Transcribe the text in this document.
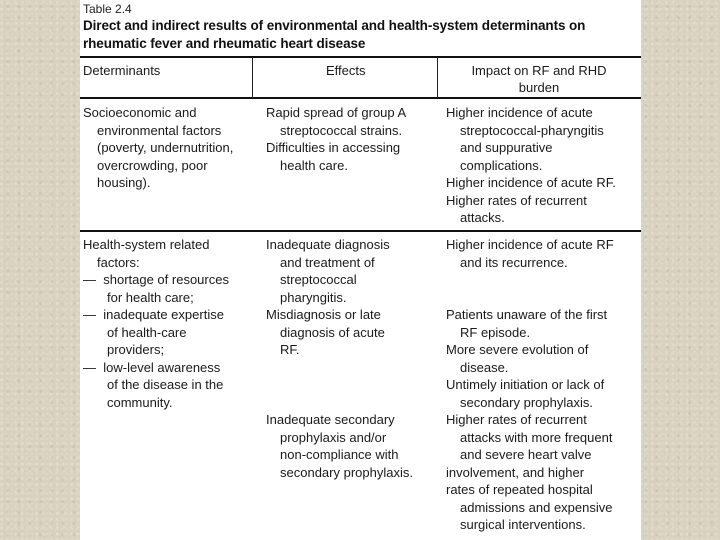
Table 2.4
Direct and indirect results of environmental and health-system determinants on
rheumatic fever and rheumatic heart disease
Determinants	Effects	Impact on RF and RHD
burden
Socioeconomic and
environmental factors
(poverty, undernutrition,
overcrowding, poor
housing).
Rapid spread of group A
streptococcal strains.
Difficulties in accessing
health care.
Higher incidence of acute
streptococcal-pharyngitis
and suppurative
complications.
Higher incidence of acute RF.
Higher rates of recurrent
attacks.
Health-system related
factors:
— shortage of resources
for health care;
— inadequate expertise
of health-care
providers;
— low-level awareness
of the disease in the
community.
Inadequate diagnosis
and treatment of
streptococcal
pharyngitis.
Misdiagnosis or late
diagnosis of acute
RF.
Inadequate secondary
prophylaxis and/or
non-compliance with
secondary prophylaxis.
Higher incidence of acute RF
and its recurrence.
Patients unaware of the first
RF episode.
More severe evolution of
disease.
Untimely initiation or lack of
secondary prophylaxis.
Higher rates of recurrent
attacks with more frequent
and severe heart valve
involvement, and higher
rates of repeated hospital
admissions and expensive
surgical interventions.
